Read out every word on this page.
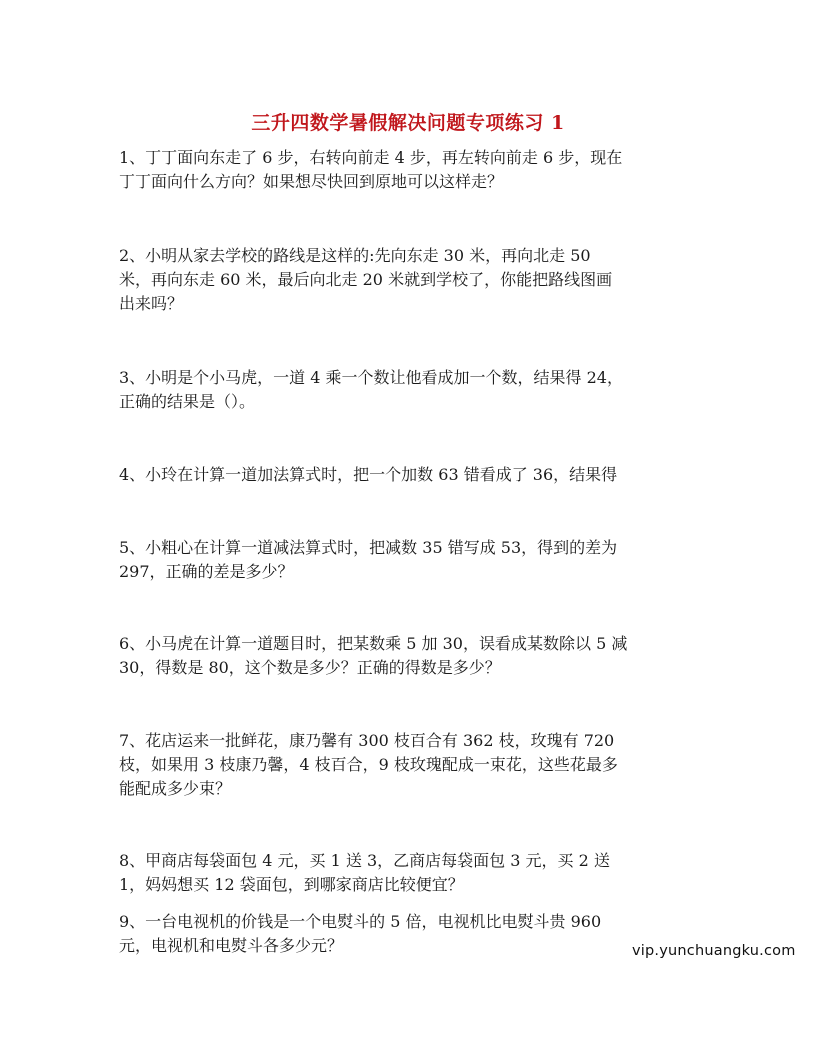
三升四数学暑假解决问题专项练习 1
1、丁丁面向东走了 6 步，右转向前走 4 步，再左转向前走 6 步，现在
丁丁面向什么方向？如果想尽快回到原地可以这样走？
2、小明从家去学校的路线是这样的:先向东走 30 米，再向北走 50
米，再向东走 60 米，最后向北走 20 米就到学校了，你能把路线图画
出来吗？
3、小明是个小马虎，一道 4 乘一个数让他看成加一个数，结果得 24，
正确的结果是（）。
4、小玲在计算一道加法算式时，把一个加数 63 错看成了 36，结果得
5、小粗心在计算一道减法算式时，把减数 35 错写成 53，得到的差为
297，正确的差是多少？
6、小马虎在计算一道题目时，把某数乘 5 加 30，误看成某数除以 5 减
30，得数是 80，这个数是多少？正确的得数是多少？
7、花店运来一批鲜花，康乃馨有 300 枝百合有 362 枝，玫瑰有 720
枝，如果用 3 枝康乃馨，4 枝百合，9 枝玫瑰配成一束花，这些花最多
能配成多少束？
8、甲商店每袋面包 4 元，买 1 送 3，乙商店每袋面包 3 元，买 2 送
1，妈妈想买 12 袋面包，到哪家商店比较便宜？
9、一台电视机的价钱是一个电熨斗的 5 倍，电视机比电熨斗贵 960
元，电视机和电熨斗各多少元？	vip.yunchuangku.com
